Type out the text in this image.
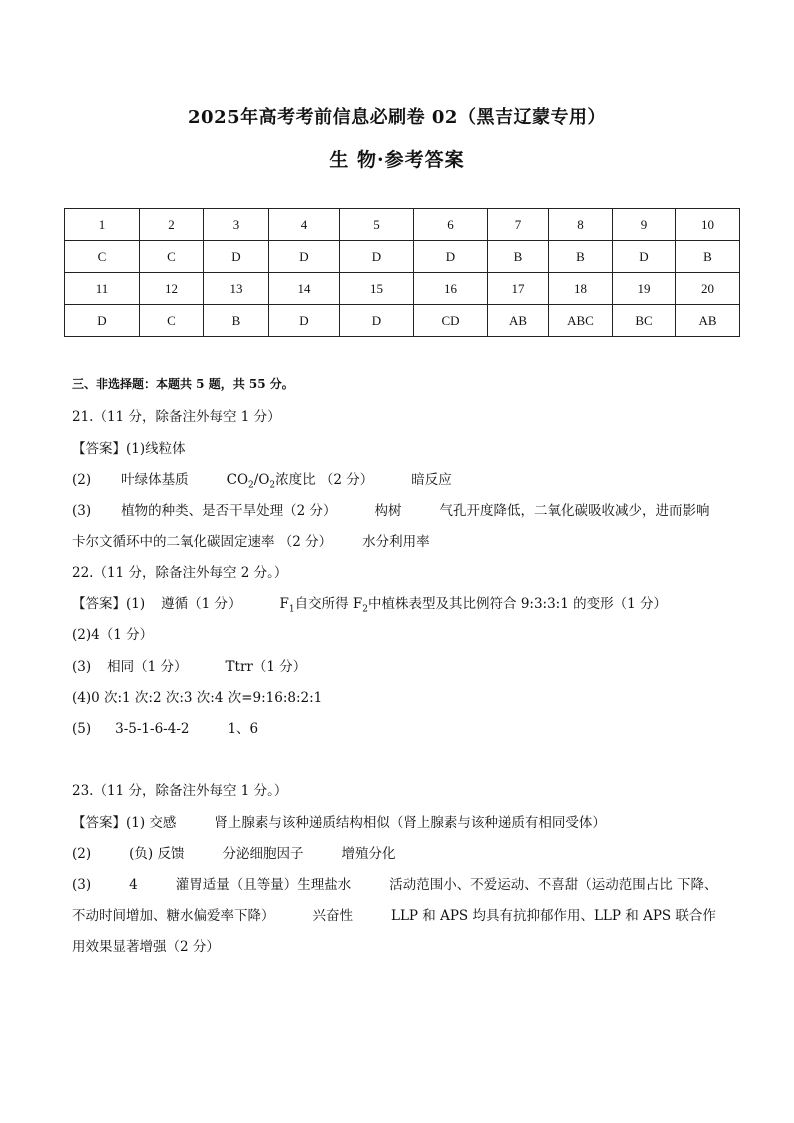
2025年高考考前信息必刷卷 02（黑吉辽蒙专用）
生 物·参考答案
1	2	3	4	5	6	7	8	9	10
C	C	D	D	D	D	B	B	D	B
11	12	13	14	15	16	17	18	19	20
D	C	B	D	D	CD	AB	ABC	BC	AB
三、非选择题：本题共 5 题，共 55 分。
21.（11 分，除备注外每空 1 分）
【答案】(1)线粒体
(2) 叶绿体基质	$CO_2/O_2$浓度比 （2 分）	暗反应
(3) 植物的种类、是否干旱处理（2 分）	构树	气孔开度降低，二氧化碳吸收减少，进而影响
卡尔文循环中的二氧化碳固定速率 （2 分） 水分利用率
22.（11 分，除备注外每空 2 分。）
【答案】(1) 遵循（1 分）	$F_1$自交所得 $F_2$中植株表型及其比例符合 9:3:3:1 的变形（1 分）
(2)4（1 分）
(3) 相同（1 分）	Ttrr（1 分）
(4)0 次:1 次:2 次:3 次:4 次=9:16:8:2:1
(5) 3-5-1-6-4-2	1、6
23.（11 分，除备注外每空 1 分。）
【答案】(1) 交感	肾上腺素与该种递质结构相似（肾上腺素与该种递质有相同受体）
(2)	(负) 反馈	分泌细胞因子	增殖分化
(3)	4	灌胃适量（且等量）生理盐水	活动范围小、不爱运动、不喜甜（运动范围占比 下降、
不动时间增加、糖水偏爱率下降）	兴奋性	LLP 和 APS 均具有抗抑郁作用、LLP 和 APS 联合作
用效果显著增强（2 分）
